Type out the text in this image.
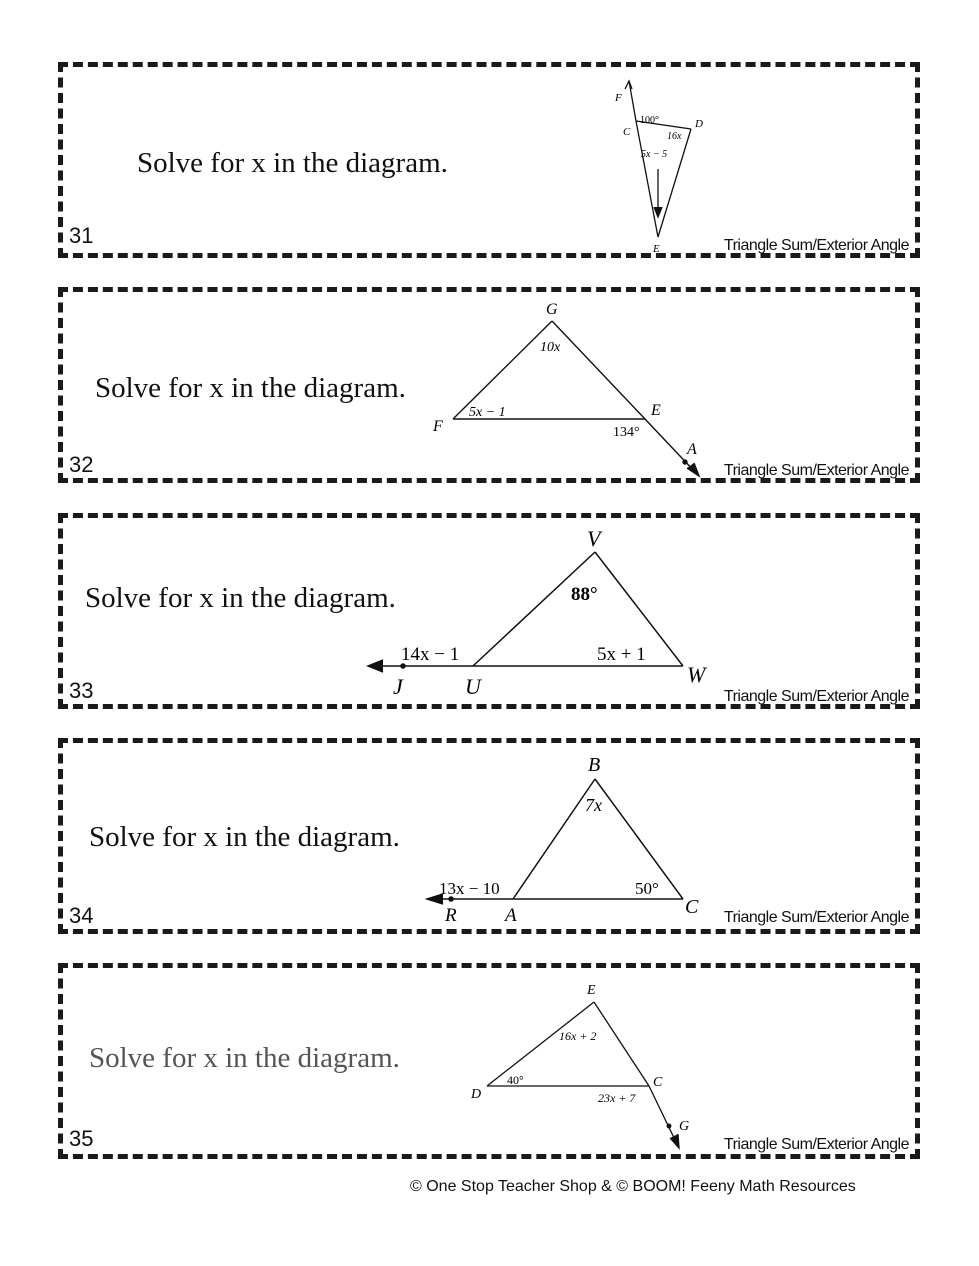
Solve for x in the diagram.
31	Triangle Sum/Exterior Angle
F
C
D
E
100°
16x
5x − 5
Solve for x in the diagram.
32	Triangle Sum/Exterior Angle
G
F
E
A
10x
5x − 1
134°
Solve for x in the diagram.
33	Triangle Sum/Exterior Angle
V
J	U	W
88°
14x − 1	5x + 1
Solve for x in the diagram.
34	Triangle Sum/Exterior Angle
B
R	A	C
7x
13x − 10	50°
Solve for x in the diagram.
35	Triangle Sum/Exterior Angle
E
D
C
G
16x + 2
40°
23x + 7
© One Stop Teacher Shop & © BOOM! Feeny Math Resources
